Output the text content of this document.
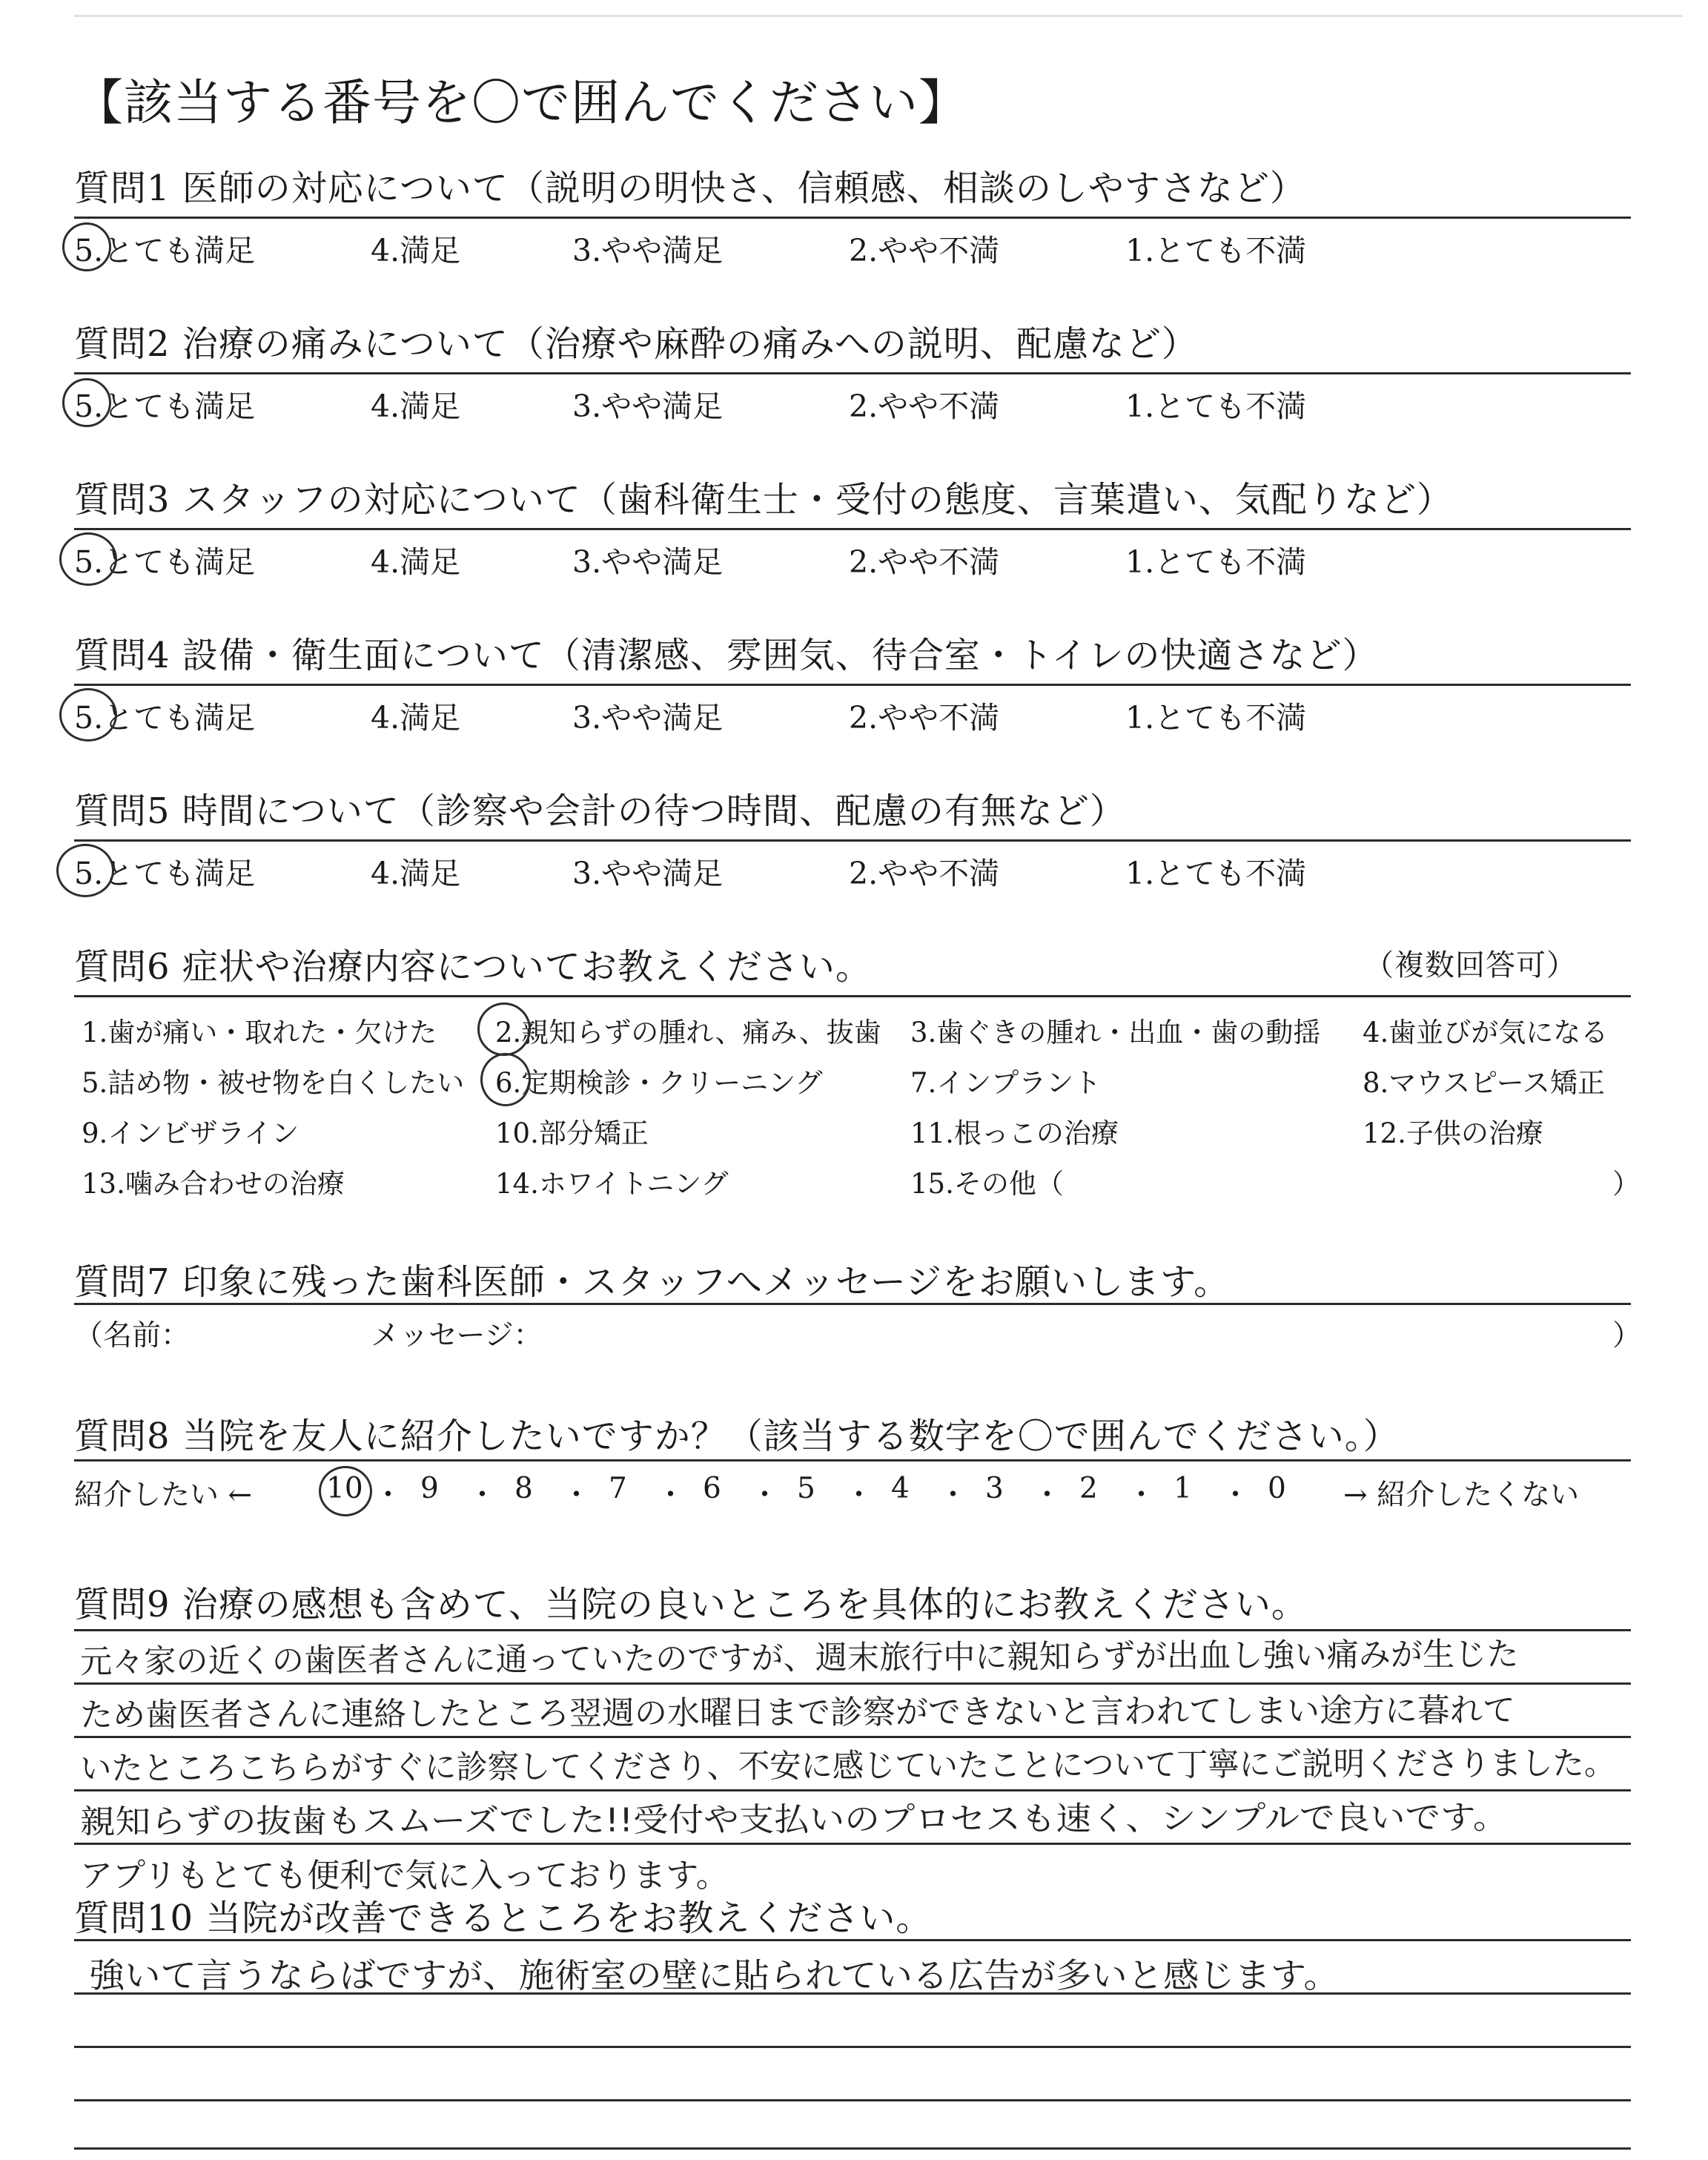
【該当する番号を〇で囲んでください】
質問1 医師の対応について（説明の明快さ、信頼感、相談のしやすさなど）
質問2 治療の痛みについて（治療や麻酔の痛みへの説明、配慮など）
質問3 スタッフの対応について（歯科衛生士・受付の態度、言葉遣い、気配りなど）
質問4 設備・衛生面について（清潔感、雰囲気、待合室・トイレの快適さなど）
質問5 時間について（診察や会計の待つ時間、配慮の有無など）
5.とても満足	4.満足	3.やや満足	2.やや不満	1.とても不満
5.とても満足	4.満足	3.やや満足	2.やや不満	1.とても不満
5.とても満足	4.満足	3.やや満足	2.やや不満	1.とても不満
5.とても満足	4.満足	3.やや満足	2.やや不満	1.とても不満
5.とても満足	4.満足	3.やや満足	2.やや不満	1.とても不満
質問6 症状や治療内容についてお教えください。	（複数回答可）
1.歯が痛い・取れた・欠けた 2.親知らずの腫れ、痛み、抜歯 3.歯ぐきの腫れ・出血・歯の動揺 4.歯並びが気になる
5.詰め物・被せ物を白くしたい 6.定期検診・クリーニング	7.インプラント	8.マウスピース矯正
9.インビザライン	10.部分矯正	11.根っこの治療	12.子供の治療
13.噛み合わせの治療	14.ホワイトニング	15.その他（	）
質問7 印象に残った歯科医師・スタッフへメッセージをお願いします。
（名前：	メッセージ：	）
質問8 当院を友人に紹介したいですか？（該当する数字を〇で囲んでください。）
紹介したい ←	10 ・ 9 ・ 8 ・ 7 ・ 6 ・ 5 ・ 4 ・ 3 ・ 2 ・ 1 ・ 0 → 紹介したくない
質問9 治療の感想も含めて、当院の良いところを具体的にお教えください。
元々家の近くの歯医者さんに通っていたのですが、週末旅行中に親知らずが出血し強い痛みが生じた
ため歯医者さんに連絡したところ翌週の水曜日まで診察ができないと言われてしまい途方に暮れて
いたところこちらがすぐに診察してくださり、不安に感じていたことについて丁寧にご説明くださりました。
親知らずの抜歯もスムーズでした!!受付や支払いのプロセスも速く、シンプルで良いです。
アプリもとても便利で気に入っております。
質問10 当院が改善できるところをお教えください。
強いて言うならばですが、施術室の壁に貼られている広告が多いと感じます。
